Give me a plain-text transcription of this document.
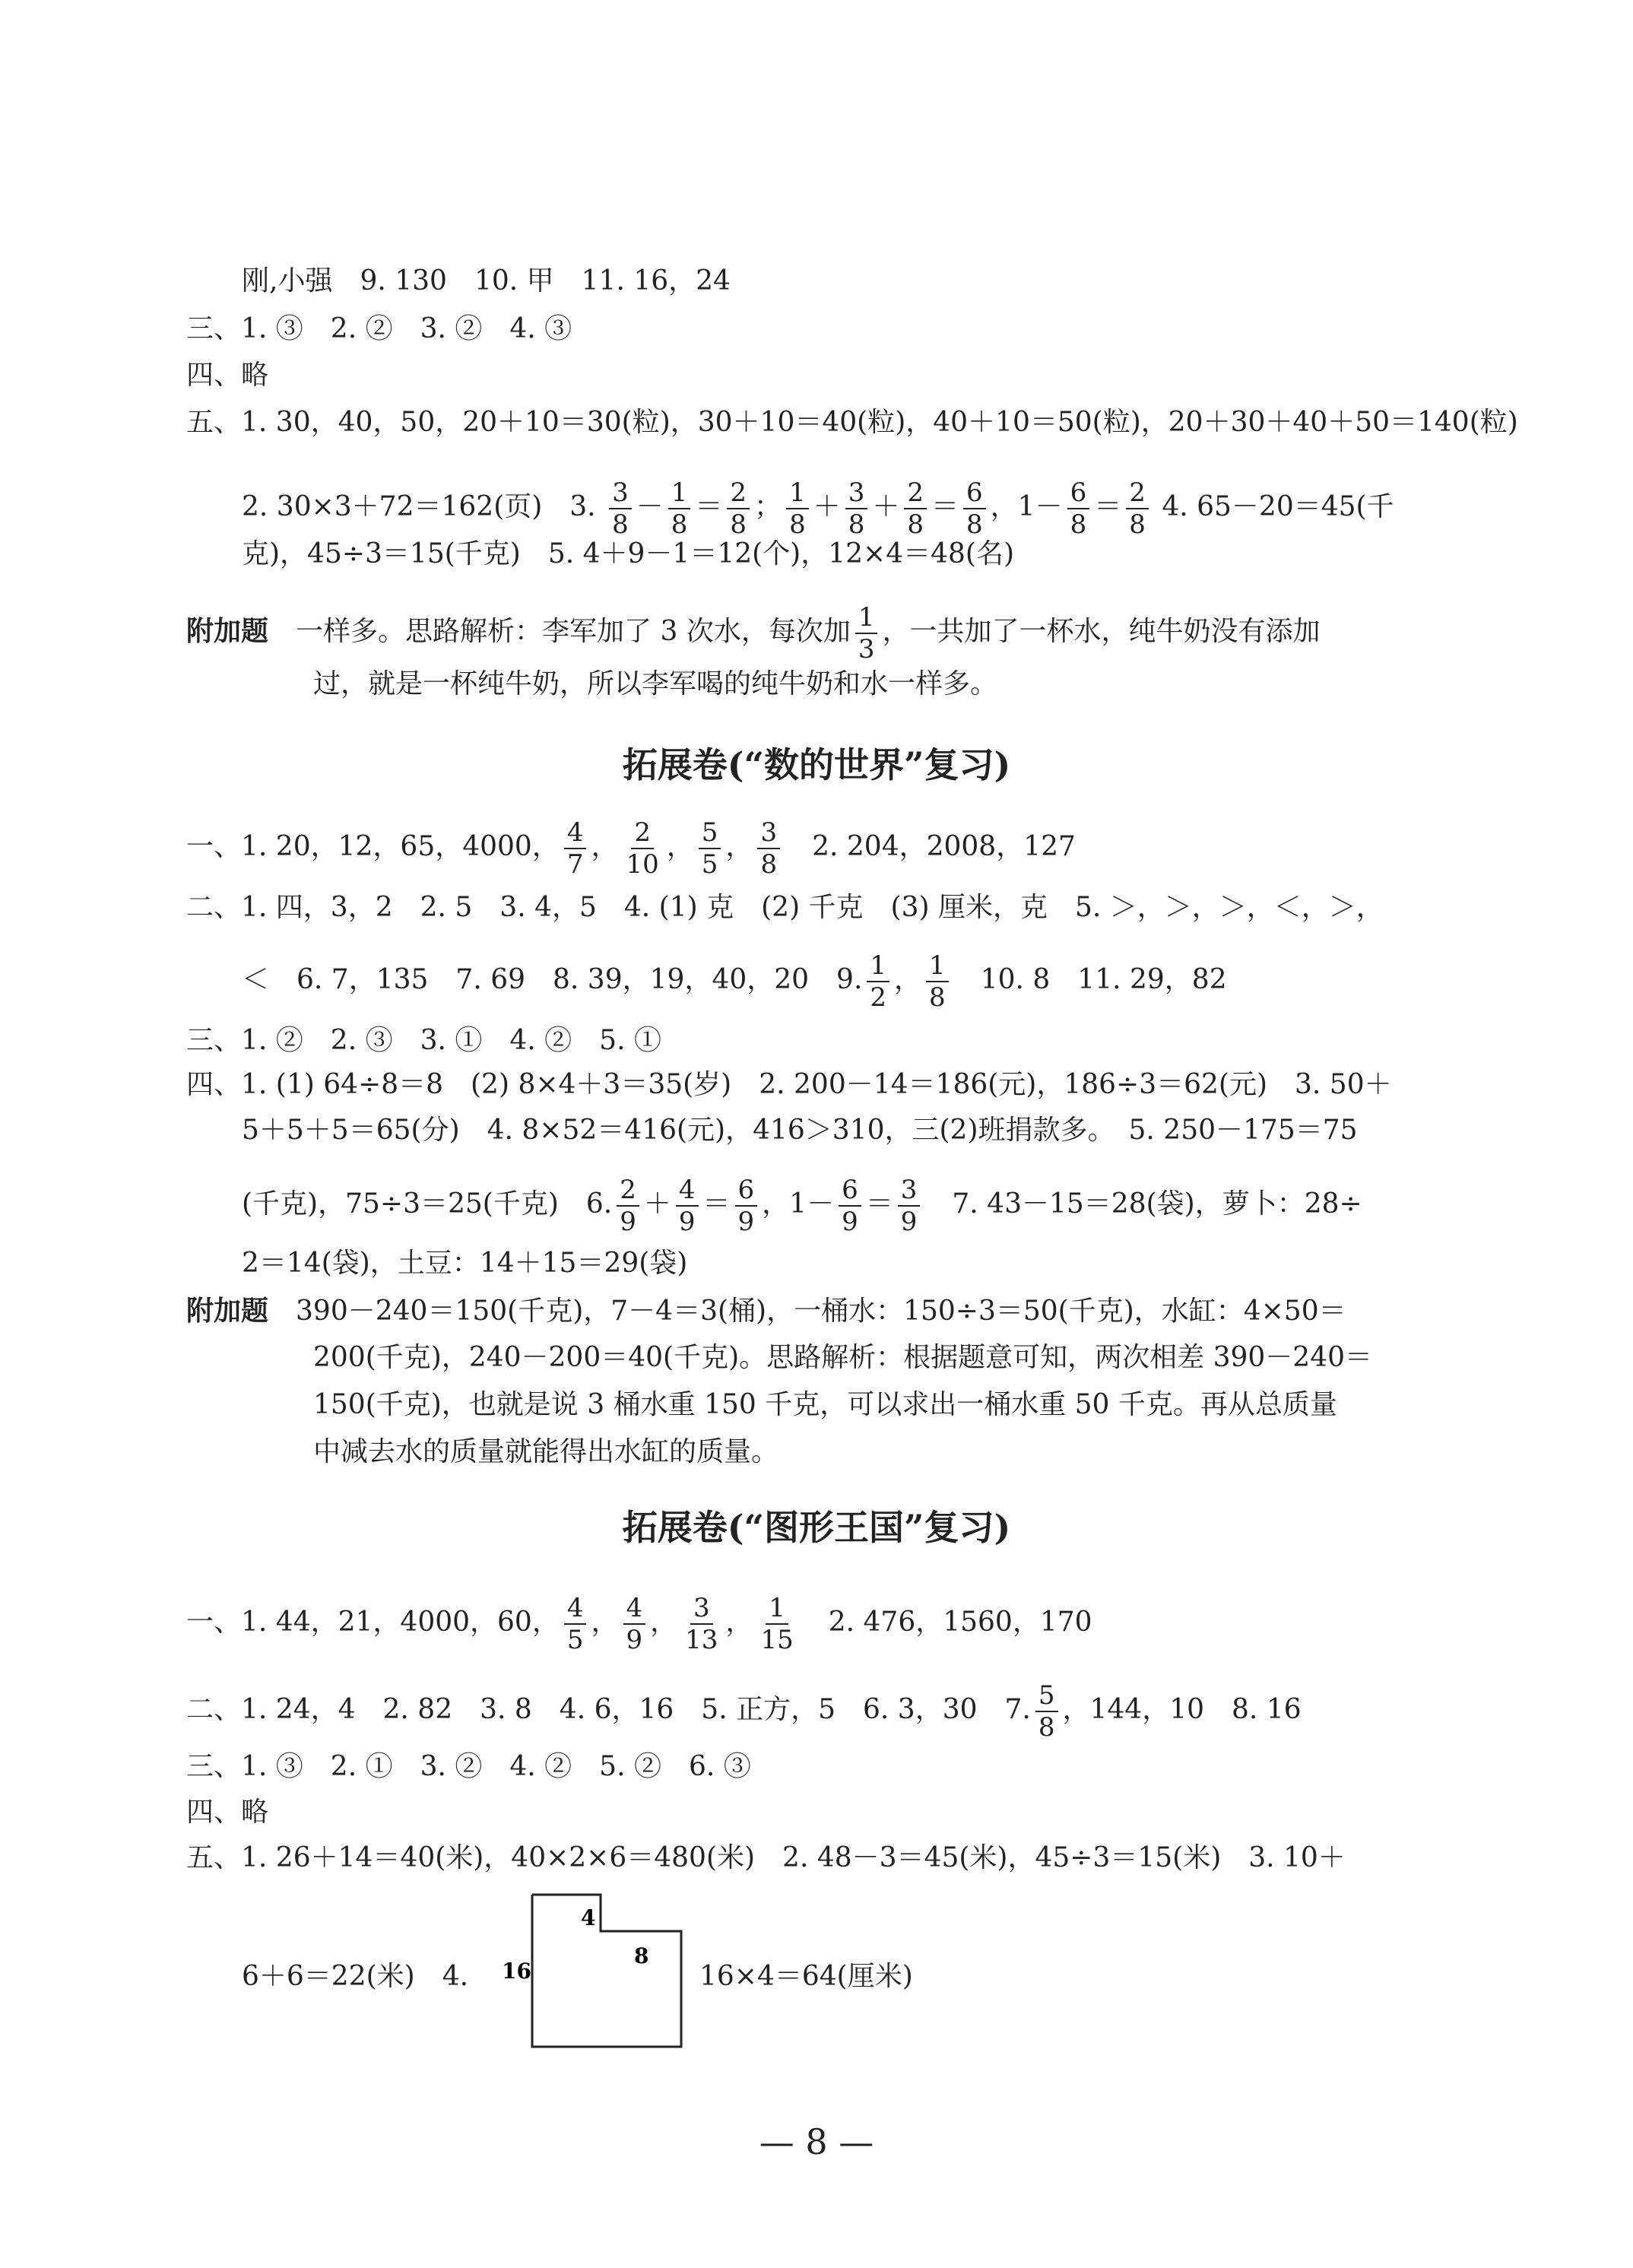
刚,小强　9. 130　10. 甲　11. 16，24
三、1. ③　2. ②　3. ②　4. ③
四、略
五、1. 30，40，50，20＋10＝30(粒)，30＋10＝40(粒)，40＋10＝50(粒)，20＋30＋40＋50＝140(粒)
2. 30×3＋72＝162(页)　3. $\frac{3}{8} - \frac{1}{8} = \frac{2}{8}$ ； $\frac{1}{8} + \frac{3}{8} + \frac{2}{8} = \frac{6}{8}$ ，$1- \frac{6}{8} = \frac{2}{8} 4$. 65－20＝45(千
克)，45÷3＝15(千克)　5. 4＋9－1＝12(个)，12×4＝48(名)
附加题　 一样多。思路解析：李军加了 3 次水，每次加 $\frac{1}{3}$ ，一共加了一杯水，纯牛奶没有添加
过，就是一杯纯牛奶，所以李军喝的纯牛奶和水一样多。
拓展卷(“数的世界”复习)
一、1. 20，12，65，4000， $\frac{4}{7}$ ， $\frac{2}{10}$ ， $\frac{5}{5}$ ， $\frac{3}{8}$
　 2. 204，2008，127
二、1. 四，3，2　2. 5　3. 4，5　4. (1) 克　(2) 千克　(3) 厘米，克　5. ＞，＞，＞，＜，＞，
＜　6. 7，135　7. 69　8. 39，19，40，20　9. $\frac{1}{2}$ ， $\frac{1}{8}$
　 10. 8　11. 29，82
三、1. ②　2. ③　3. ①　4. ②　5. ①
四、1. (1) 64÷8＝8　(2) 8×4＋3＝35(岁)　2. 200－14＝186(元)，186÷3＝62(元)　3. 50＋
5＋5＋5＝65(分)　4. 8×52＝416(元)，416＞310，三(2)班捐款多。　5. 250－175＝75
(千克)，75÷3＝25(千克)　6. $\frac{2}{9} + \frac{4}{9} = \frac{6}{9}$ ，$1- \frac{6}{9} = \frac{3}{9}$
　 7. 43－15＝28(袋)，萝卜：28÷
2＝14(袋)，土豆：14＋15＝29(袋)
附加题　 390－240＝150(千克)，7－4＝3(桶)，一桶水：150÷3＝50(千克)，水缸：4×50＝
200(千克)，240－200＝40(千克)。思路解析：根据题意可知，两次相差 390－240＝
150(千克)，也就是说 3 桶水重 150 千克，可以求出一桶水重 50 千克。再从总质量
中减去水的质量就能得出水缸的质量。
拓展卷(“图形王国”复习)
一、1. 44，21，4000，60， $\frac{4}{5}$ ， $\frac{4}{9}$ ， $\frac{3}{13}$ ， $\frac{1}{15}$
　 2. 476，1560，170
二、1. 24，4　2. 82　3. 8　4. 6，16　5. 正方，5　6. 3，30　7. $\frac{5}{8}$ ，144，10　8. 16
三、1. ③　2. ①　3. ②　4. ②　5. ②　6. ③
四、略
五、1. 26＋14＝40(米)，40×2×6＝480(米)　2. 48－3＝45(米)，45÷3＝15(米)　3. 10＋
6＋6＝22(米)　4. 16
4
8
16×4＝64(厘米)
— 8 —
